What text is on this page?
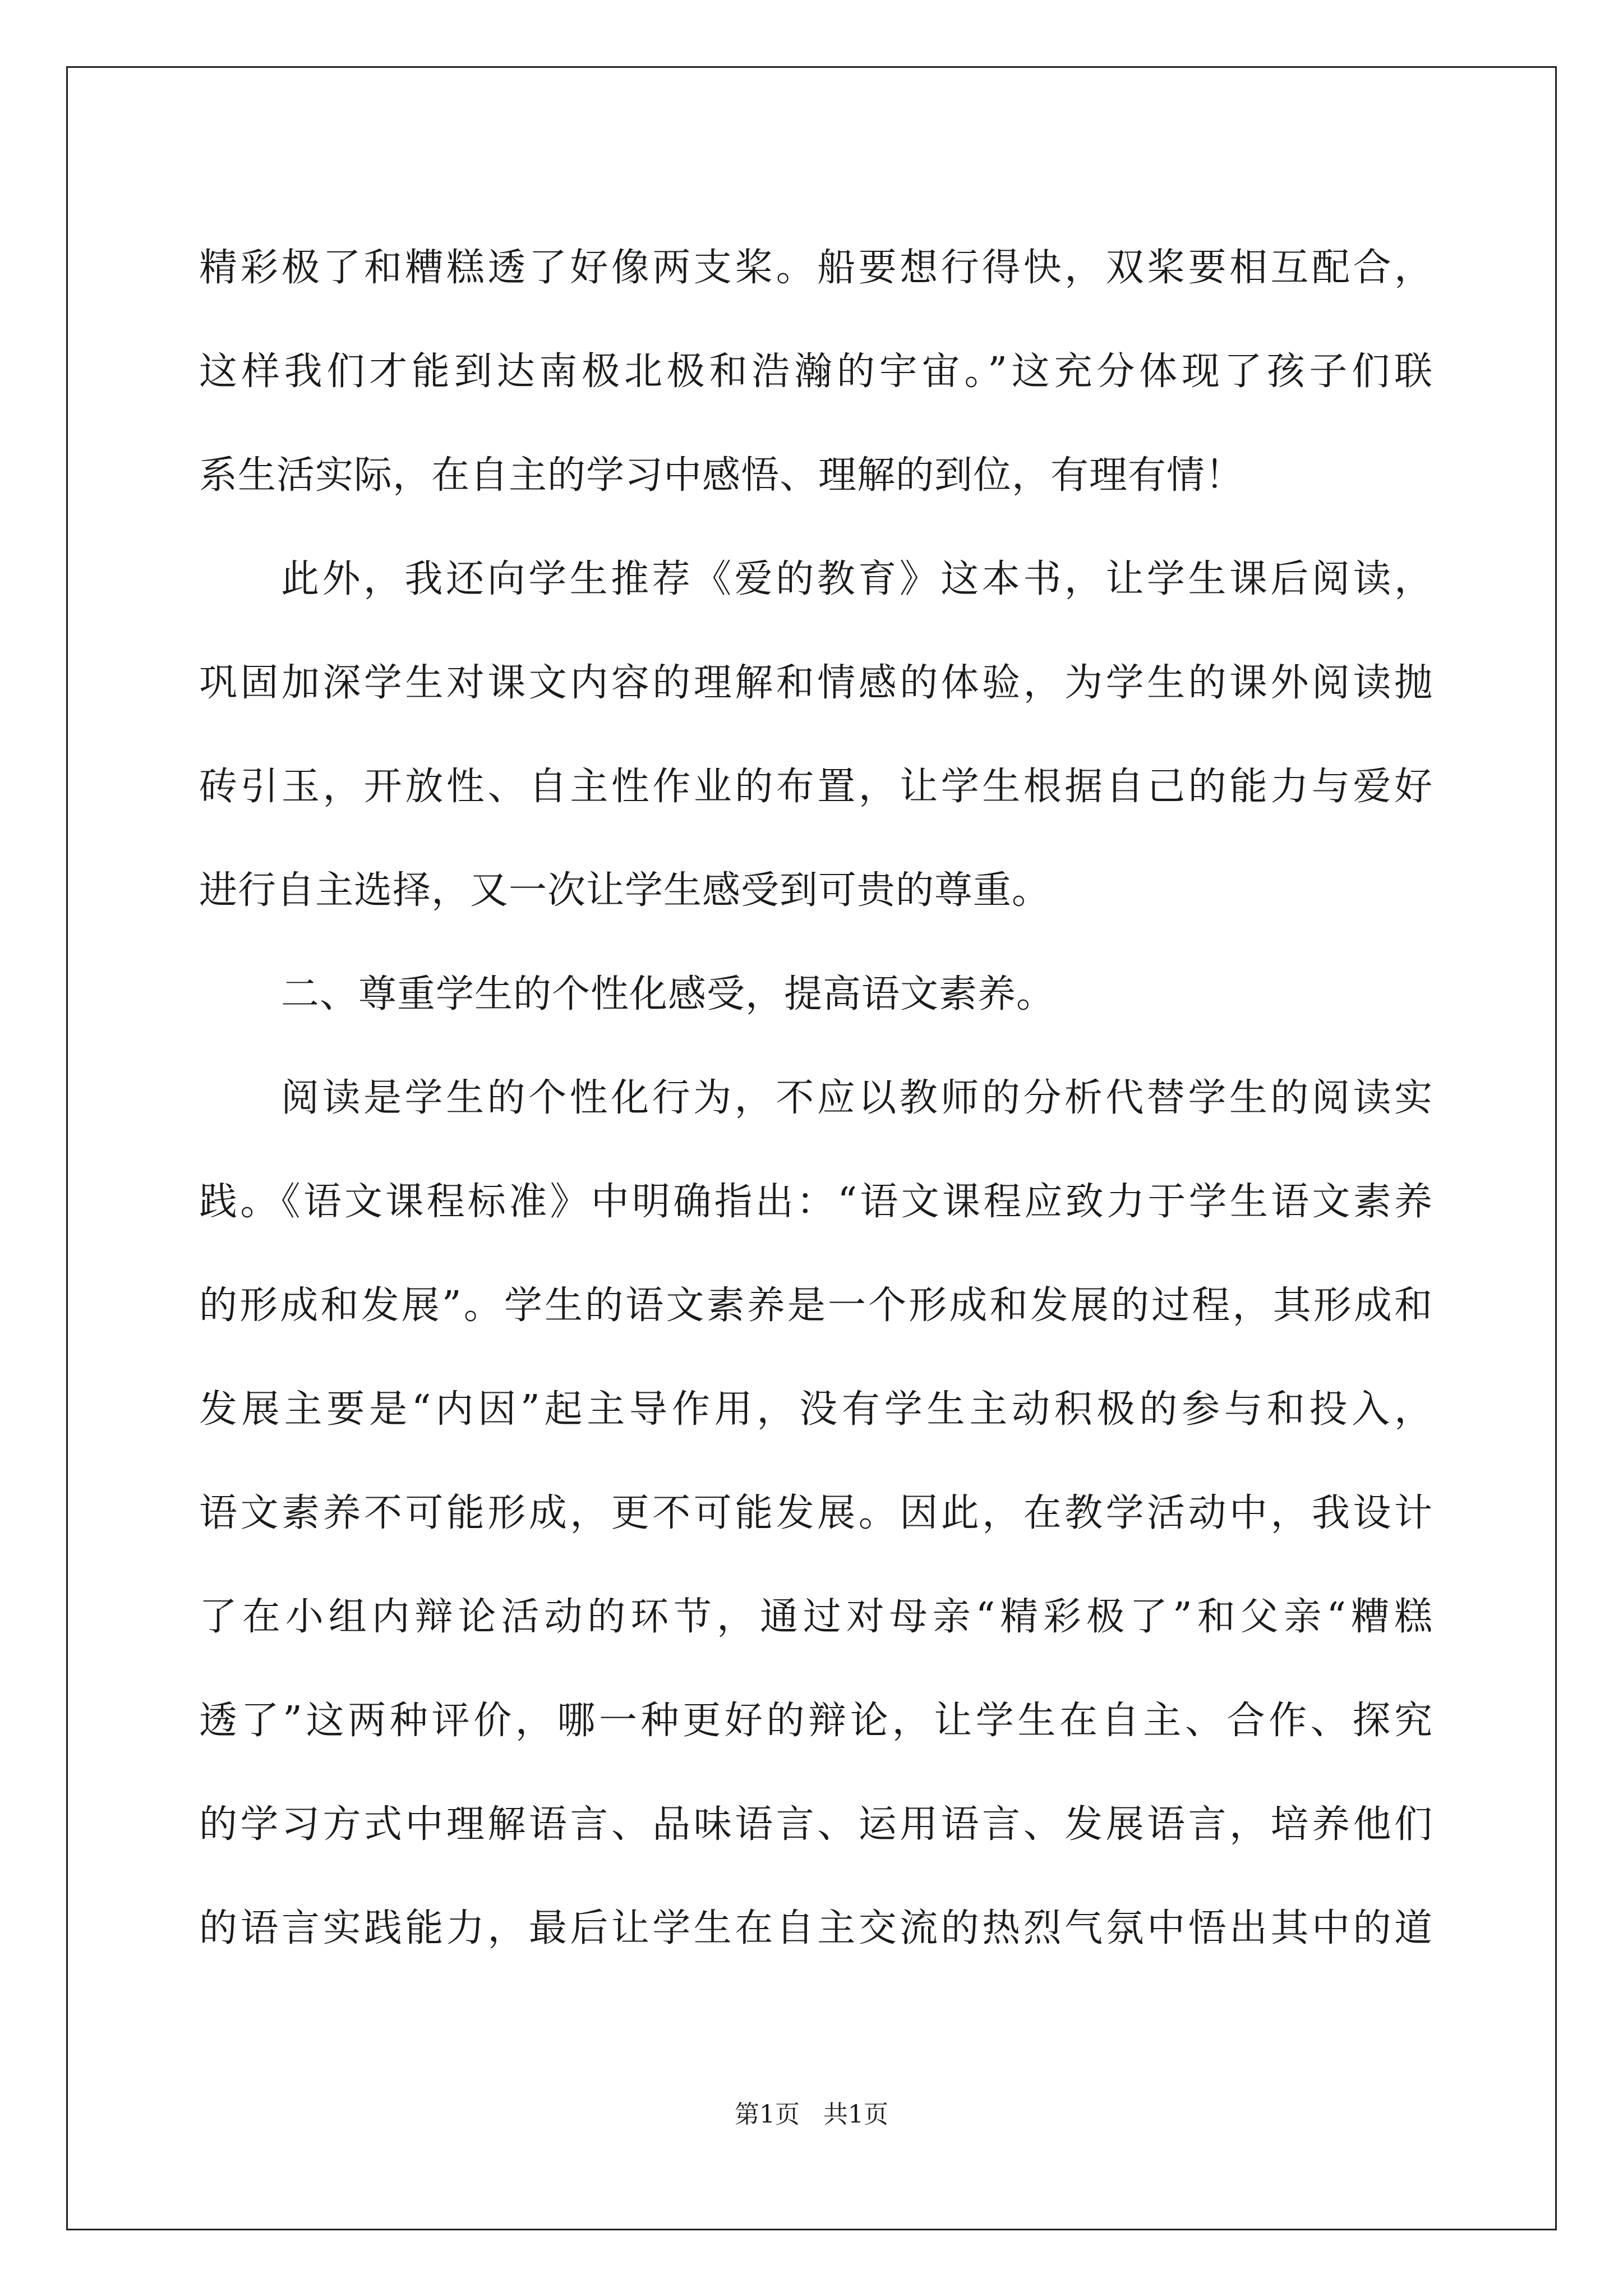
精彩极了和糟糕透了好像两支桨。船要想行得快，双桨要相互配合，
这样我们才能到达南极北极和浩瀚的宇宙。”这充分体现了孩子们联
系生活实际，在自主的学习中感悟、理解的到位，有理有情！
此外，我还向学生推荐《爱的教育》这本书，让学生课后阅读，
巩固加深学生对课文内容的理解和情感的体验，为学生的课外阅读抛
砖引玉，开放性、自主性作业的布置，让学生根据自己的能力与爱好
进行自主选择，又一次让学生感受到可贵的尊重。
二、尊重学生的个性化感受，提高语文素养。
阅读是学生的个性化行为，不应以教师的分析代替学生的阅读实
践。《语文课程标准》中明确指出：“语文课程应致力于学生语文素养
的形成和发展”。学生的语文素养是一个形成和发展的过程，其形成和
发展主要是“内因”起主导作用，没有学生主动积极的参与和投入，
语文素养不可能形成，更不可能发展。因此，在教学活动中，我设计
了在小组内辩论活动的环节，通过对母亲“精彩极了”和父亲“糟糕
透了”这两种评价，哪一种更好的辩论，让学生在自主、合作、探究
的学习方式中理解语言、品味语言、运用语言、发展语言，培养他们
的语言实践能力，最后让学生在自主交流的热烈气氛中悟出其中的道
第1页 共1页
